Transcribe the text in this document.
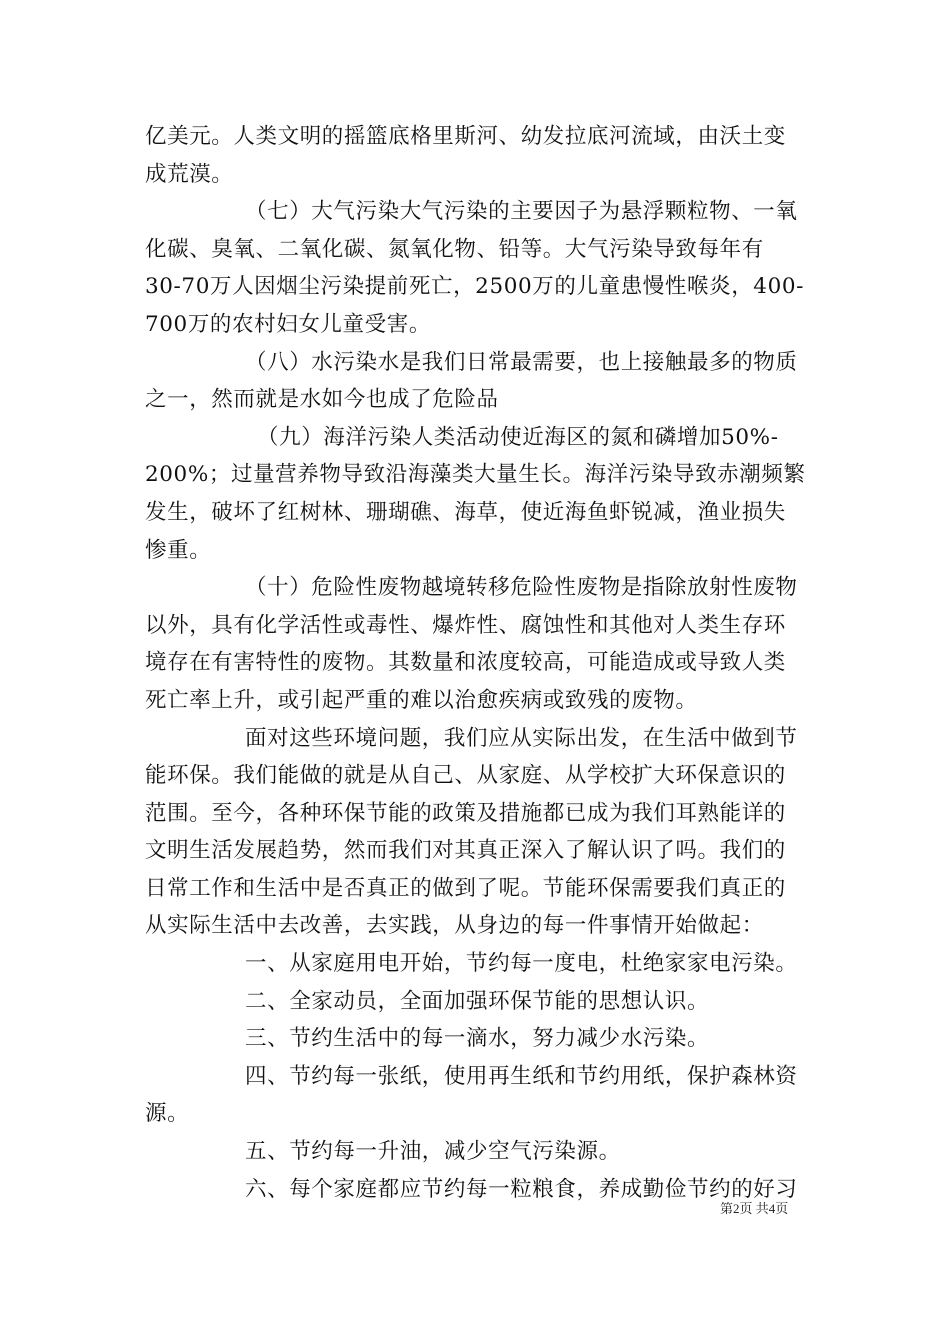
亿美元。人类文明的摇篮底格里斯河、幼发拉底河流域，由沃土变
成荒漠。
（七）大气污染大气污染的主要因子为悬浮颗粒物、一氧
化碳、臭氧、二氧化碳、氮氧化物、铅等。大气污染导致每年有
30-70万人因烟尘污染提前死亡，2500万的儿童患慢性喉炎，400-
700万的农村妇女儿童受害。
（八）水污染水是我们日常最需要，也上接触最多的物质
之一，然而就是水如今也成了危险品
（九）海洋污染人类活动使近海区的氮和磷增加50%-
200%；过量营养物导致沿海藻类大量生长。海洋污染导致赤潮频繁
发生，破坏了红树林、珊瑚礁、海草，使近海鱼虾锐减，渔业损失
惨重。
（十）危险性废物越境转移危险性废物是指除放射性废物
以外，具有化学活性或毒性、爆炸性、腐蚀性和其他对人类生存环
境存在有害特性的废物。其数量和浓度较高，可能造成或导致人类
死亡率上升，或引起严重的难以治愈疾病或致残的废物。
面对这些环境问题，我们应从实际出发，在生活中做到节
能环保。我们能做的就是从自己、从家庭、从学校扩大环保意识的
范围。至今，各种环保节能的政策及措施都已成为我们耳熟能详的
文明生活发展趋势，然而我们对其真正深入了解认识了吗。我们的
日常工作和生活中是否真正的做到了呢。节能环保需要我们真正的
从实际生活中去改善，去实践，从身边的每一件事情开始做起：
一、从家庭用电开始，节约每一度电，杜绝家家电污染。
二、全家动员，全面加强环保节能的思想认识。
三、节约生活中的每一滴水，努力减少水污染。
四、节约每一张纸，使用再生纸和节约用纸，保护森林资
源。
五、节约每一升油，减少空气污染源。
六、每个家庭都应节约每一粒粮食，养成勤俭节约的好习
第2页 共4页
